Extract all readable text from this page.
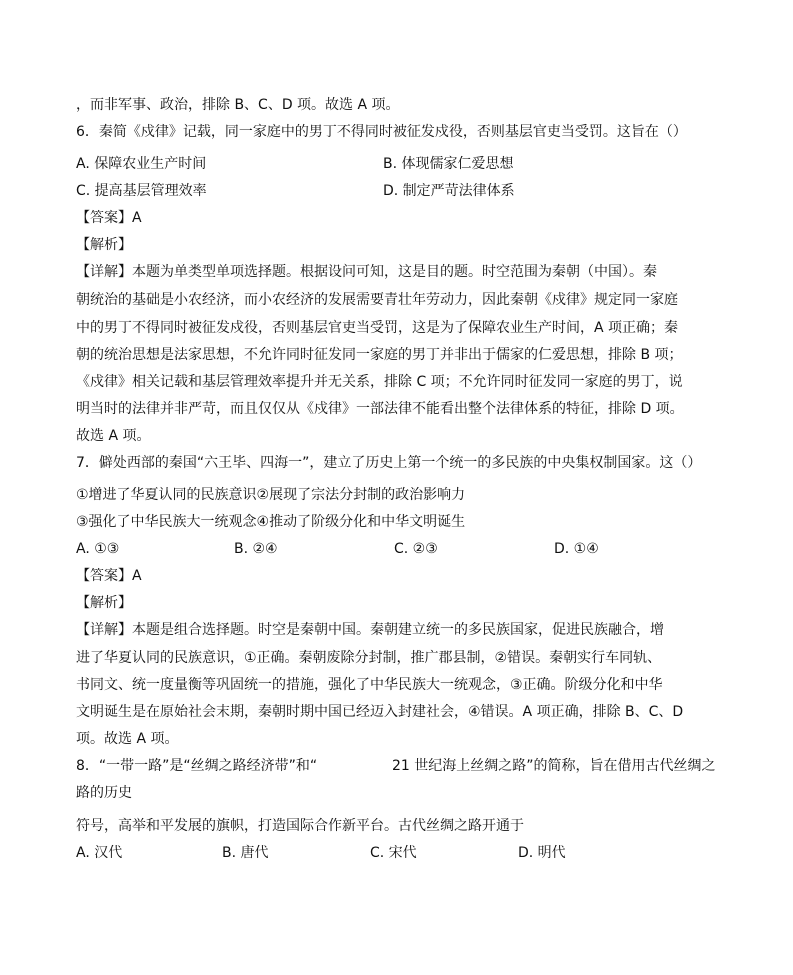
，而非军事、政治，排除 B、C、D 项。故选 A 项。
6．秦简《戍律》记载，同一家庭中的男丁不得同时被征发戍役，否则基层官吏当受罚。这旨在（）
A. 保障农业生产时间	B. 体现儒家仁爱思想
C. 提高基层管理效率	D. 制定严苛法律体系
【答案】A
【解析】
【详解】本题为单类型单项选择题。根据设问可知，这是目的题。时空范围为秦朝（中国）。秦
朝统治的基础是小农经济，而小农经济的发展需要青壮年劳动力，因此秦朝《戍律》规定同一家庭
中的男丁不得同时被征发戍役，否则基层官吏当受罚，这是为了保障农业生产时间，A 项正确；秦
朝的统治思想是法家思想，不允许同时征发同一家庭的男丁并非出于儒家的仁爱思想，排除 B 项；
《戍律》相关记载和基层管理效率提升并无关系，排除 C 项；不允许同时征发同一家庭的男丁，说
明当时的法律并非严苛，而且仅仅从《戍律》一部法律不能看出整个法律体系的特征，排除 D 项。
故选 A 项。
7．僻处西部的秦国“六王毕、四海一”，建立了历史上第一个统一的多民族的中央集权制国家。这（）
①增进了华夏认同的民族意识②展现了宗法分封制的政治影响力
③强化了中华民族大一统观念④推动了阶级分化和中华文明诞生
A. ①③	B. ②④	C. ②③	D. ①④
【答案】A
【解析】
【详解】本题是组合选择题。时空是秦朝中国。秦朝建立统一的多民族国家，促进民族融合，增
进了华夏认同的民族意识，①正确。秦朝废除分封制，推广郡县制，②错误。秦朝实行车同轨、
书同文、统一度量衡等巩固统一的措施，强化了中华民族大一统观念，③正确。阶级分化和中华
文明诞生是在原始社会末期，秦朝时期中国已经迈入封建社会，④错误。A 项正确，排除 B、C、D
项。故选 A 项。
8．“一带一路”是“丝绸之路经济带”和“	21 世纪海上丝绸之路”的简称，旨在借用古代丝绸之
路的历史
符号，高举和平发展的旗帜，打造国际合作新平台。古代丝绸之路开通于
A. 汉代	B. 唐代	C. 宋代	D. 明代
